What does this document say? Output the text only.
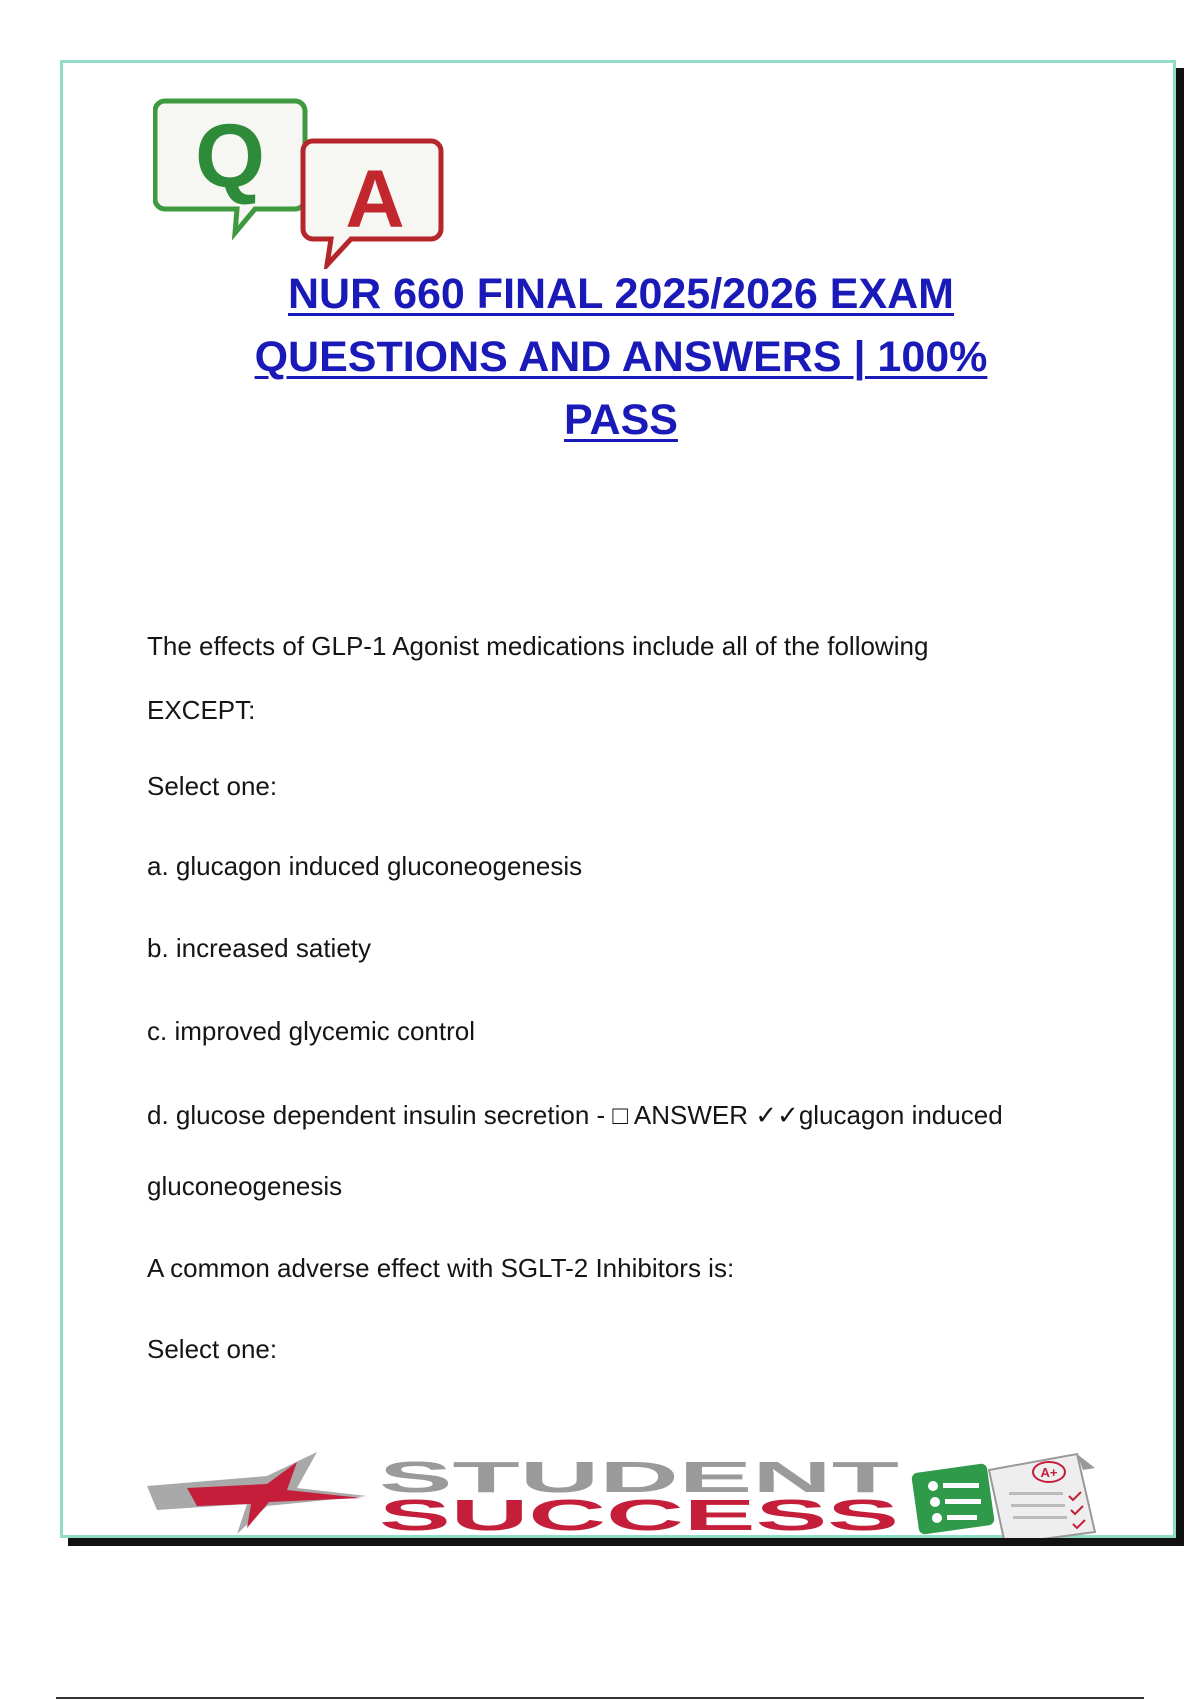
Q A
NUR 660 FINAL 2025/2026 EXAM
QUESTIONS AND ANSWERS | 100%
PASS
The effects of GLP-1 Agonist medications include all of the following
EXCEPT:
Select one:
a. glucagon induced gluconeogenesis
b. increased satiety
c. improved glycemic control
d. glucose dependent insulin secretion - □ ANSWER ✓✓glucagon induced
gluconeogenesis
A common adverse effect with SGLT-2 Inhibitors is:
Select one:
STUDENT
SUCCESS
A+
